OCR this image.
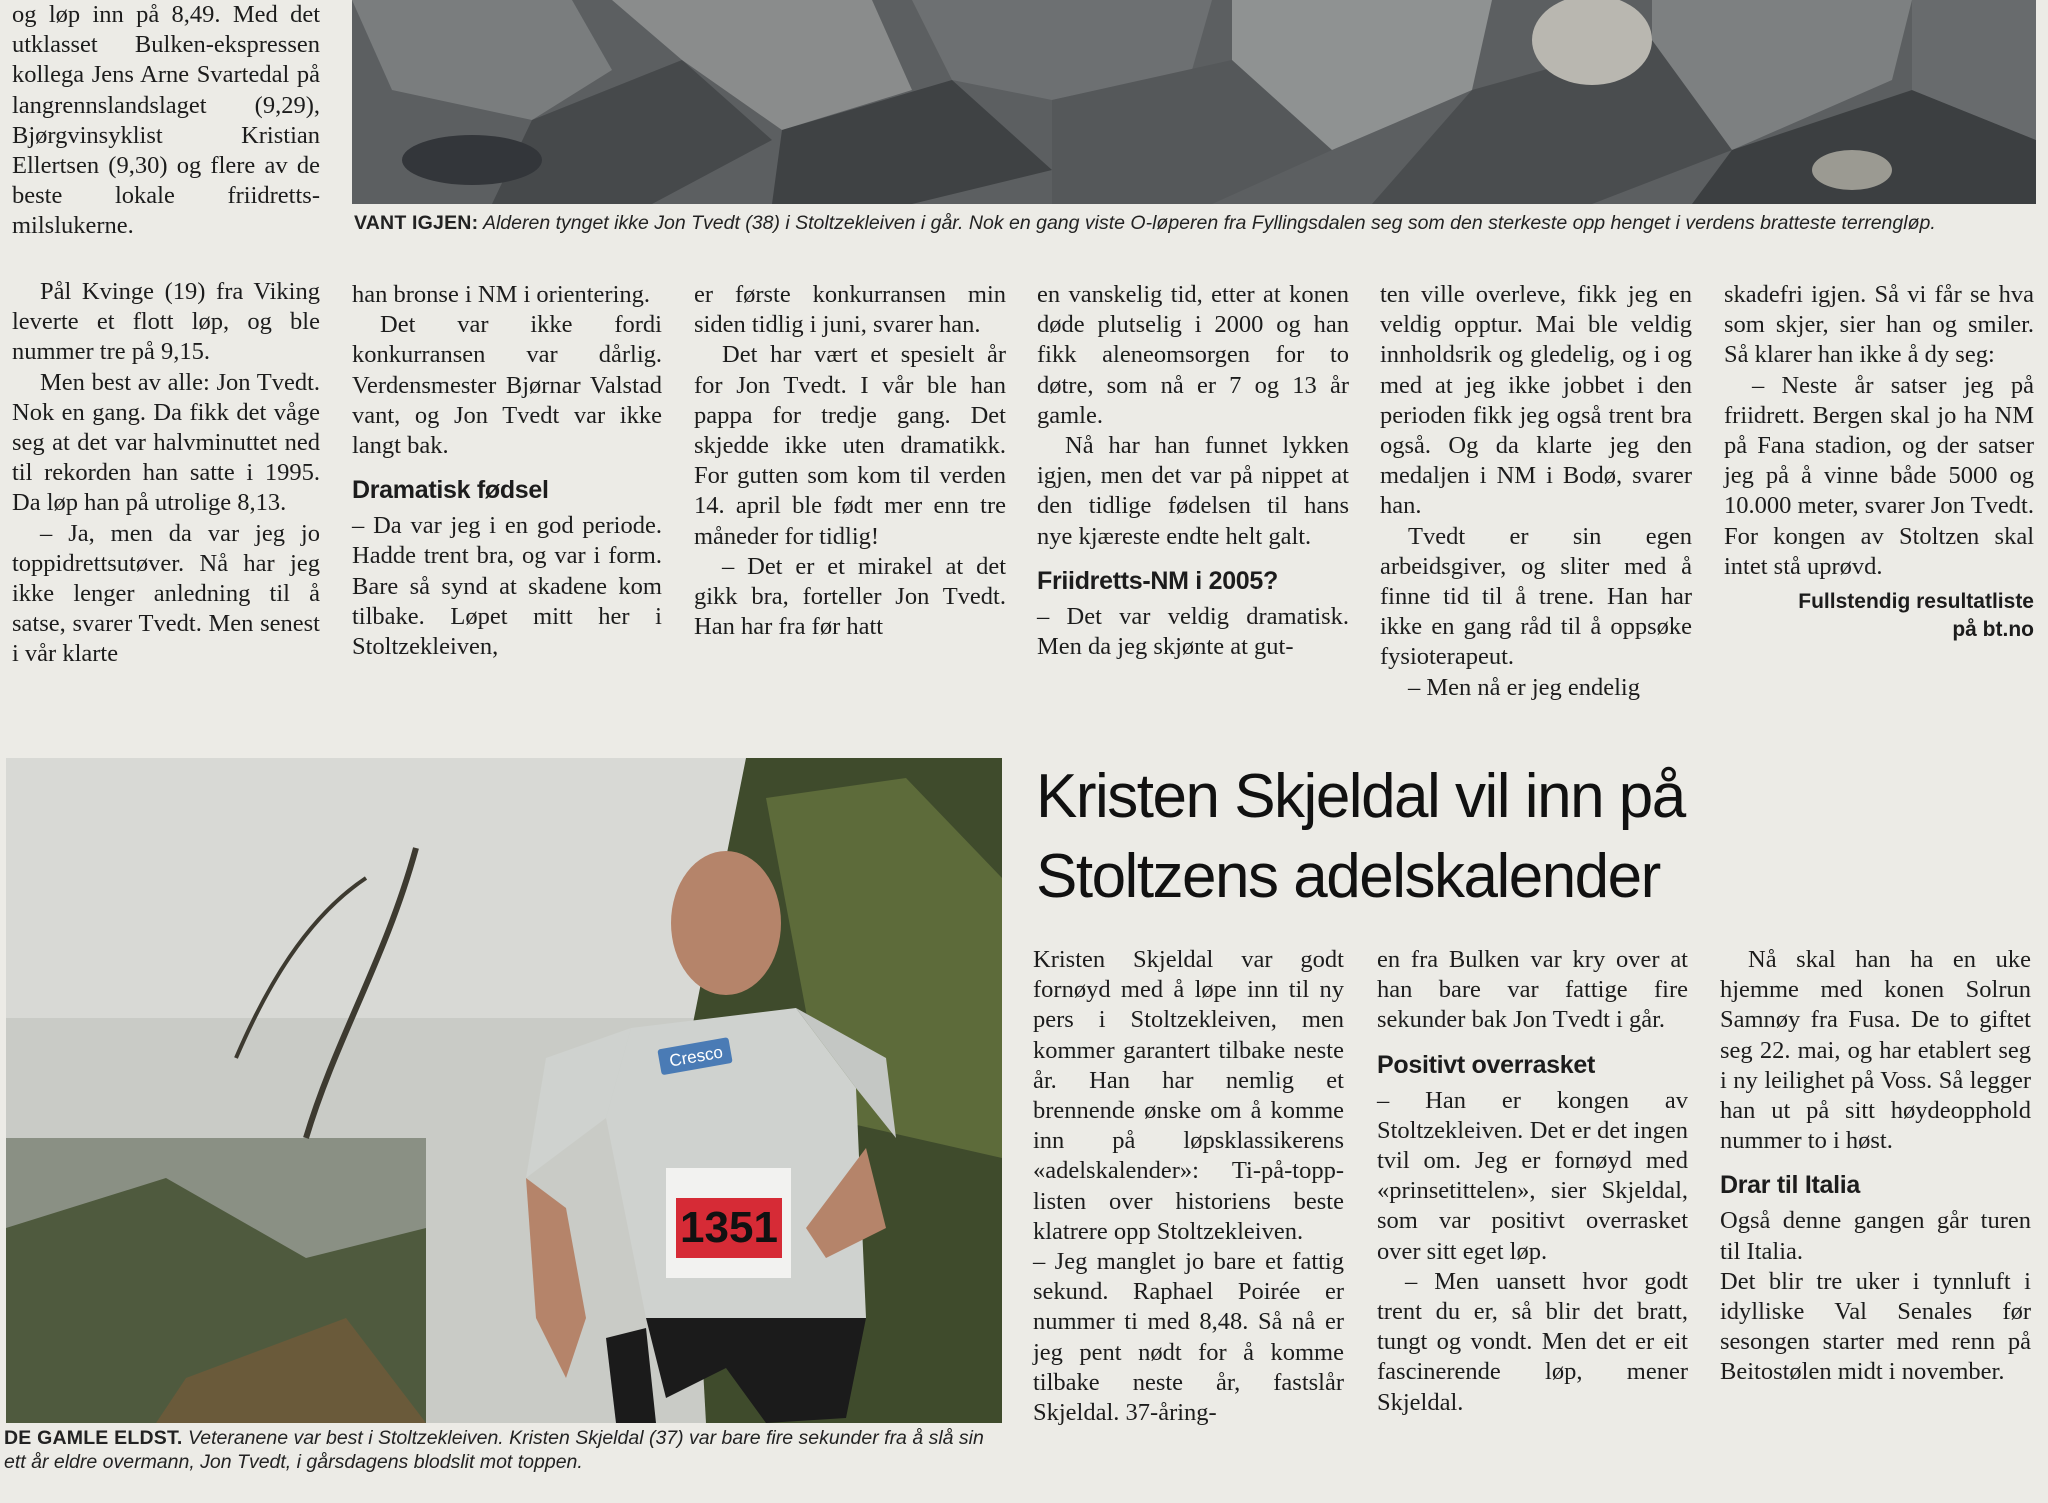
VANT IGJEN: Alderen tynget ikke Jon Tvedt (38) i Stoltzekleiven i går. Nok en gang viste O-løperen fra Fyllingsdalen seg som den sterkeste opp henget i verdens bratteste terrengløp.

og løp inn på 8,49. Med det utklasset Bulken-ekspressen kollega Jens Arne Svartedal på langrennslandslaget (9,29), Bjørgvinsyklist Kristian Ellertsen (9,30) og flere av de beste lokale friidretts-milslukerne.

Pål Kvinge (19) fra Viking leverte et flott løp, og ble nummer tre på 9,15.

Men best av alle: Jon Tvedt. Nok en gang. Da fikk det våge seg at det var halvminuttet ned til rekorden han satte i 1995. Da løp han på utrolige 8,13.

– Ja, men da var jeg jo toppidrettsutøver. Nå har jeg ikke lenger anledning til å satse, svarer Tvedt. Men senest i vår klarte

han bronse i NM i orientering.

Det var ikke fordi konkurransen var dårlig. Verdensmester Bjørnar Valstad vant, og Jon Tvedt var ikke langt bak.

Dramatisk fødsel

– Da var jeg i en god periode. Hadde trent bra, og var i form. Bare så synd at skadene kom tilbake. Løpet mitt her i Stoltzekleiven,

er første konkurransen min siden tidlig i juni, svarer han.

Det har vært et spesielt år for Jon Tvedt. I vår ble han pappa for tredje gang. Det skjedde ikke uten dramatikk. For gutten som kom til verden 14. april ble født mer enn tre måneder for tidlig!

– Det er et mirakel at det gikk bra, forteller Jon Tvedt. Han har fra før hatt

en vanskelig tid, etter at konen døde plutselig i 2000 og han fikk aleneomsorgen for to døtre, som nå er 7 og 13 år gamle.

Nå har han funnet lykken igjen, men det var på nippet at den tidlige fødelsen til hans nye kjæreste endte helt galt.

Friidretts-NM i 2005?

– Det var veldig dramatisk. Men da jeg skjønte at gut-

ten ville overleve, fikk jeg en veldig opptur. Mai ble veldig innholdsrik og gledelig, og i og med at jeg ikke jobbet i den perioden fikk jeg også trent bra også. Og da klarte jeg den medaljen i NM i Bodø, svarer han.

Tvedt er sin egen arbeidsgiver, og sliter med å finne tid til å trene. Han har ikke en gang råd til å oppsøke fysioterapeut.

– Men nå er jeg endelig

skadefri igjen. Så vi får se hva som skjer, sier han og smiler. Så klarer han ikke å dy seg:

– Neste år satser jeg på friidrett. Bergen skal jo ha NM på Fana stadion, og der satser jeg på å vinne både 5000 og 10.000 meter, svarer Jon Tvedt. For kongen av Stoltzen skal intet stå uprøvd.

Fullstendig resultatliste
på bt.no
1351
Cresco
DE GAMLE ELDST. Veteranene var best i Stoltzekleiven. Kristen Skjeldal (37) var bare fire sekunder fra å slå sin ett år eldre overmann, Jon Tvedt, i gårsdagens blodslit mot toppen.
Kristen Skjeldal vil inn på
Stoltzens adelskalender

Kristen Skjeldal var godt fornøyd med å løpe inn til ny pers i Stoltzekleiven, men kommer garantert tilbake neste år. Han har nemlig et brennende ønske om å komme inn på løpsklassikerens «adelskalender»: Ti-på-topp-listen over historiens beste klatrere opp Stoltzekleiven.

– Jeg manglet jo bare et fattig sekund. Raphael Poirée er nummer ti med 8,48. Så nå er jeg pent nødt for å komme tilbake neste år, fastslår Skjeldal. 37-åring-

en fra Bulken var kry over at han bare var fattige fire sekunder bak Jon Tvedt i går.

Positivt overrasket

– Han er kongen av Stoltzekleiven. Det er det ingen tvil om. Jeg er fornøyd med «prinsetittelen», sier Skjeldal, som var positivt overrasket over sitt eget løp.

– Men uansett hvor godt trent du er, så blir det bratt, tungt og vondt. Men det er eit fascinerende løp, mener Skjeldal.

Nå skal han ha en uke hjemme med konen Solrun Samnøy fra Fusa. De to giftet seg 22. mai, og har etablert seg i ny leilighet på Voss. Så legger han ut på sitt høydeopphold nummer to i høst.

Drar til Italia

Også denne gangen går turen til Italia.

Det blir tre uker i tynnluft i idylliske Val Senales før sesongen starter med renn på Beitostølen midt i november.
